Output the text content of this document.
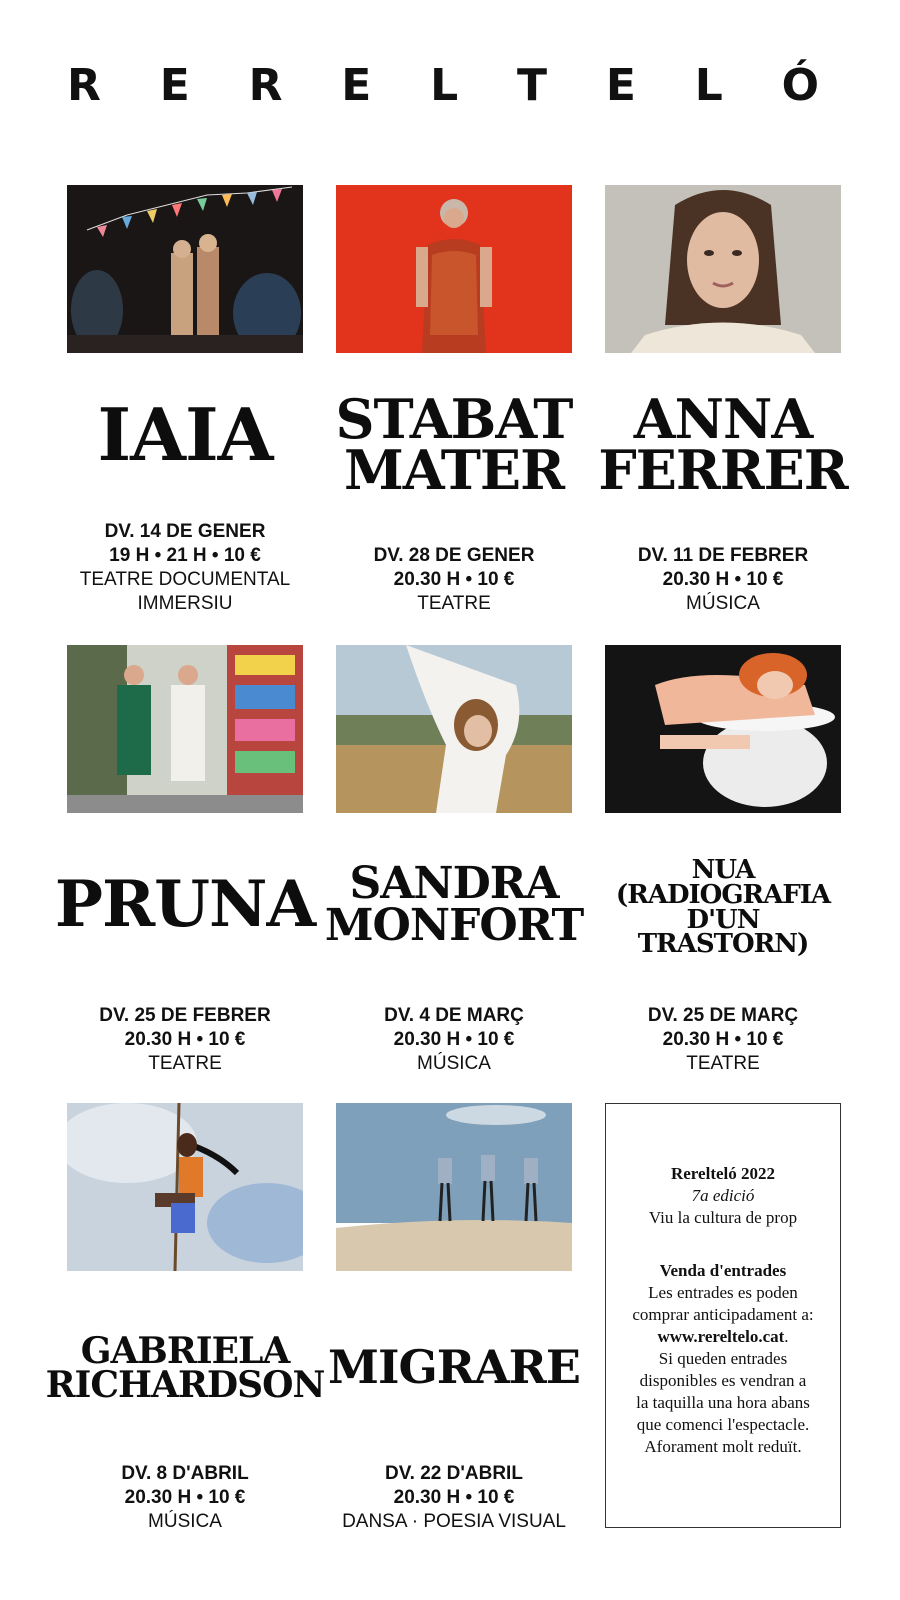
R E R E L T E L Ó
IAIA
DV. 14 DE GENER
19 H • 21 H • 10 €
TEATRE DOCUMENTAL
IMMERSIU
STABAT
MATER
DV. 28 DE GENER
20.30 H • 10 €
TEATRE
ANNA
FERRER
DV. 11 DE FEBRER
20.30 H • 10 €
MÚSICA
PRUNA
DV. 25 DE FEBRER
20.30 H • 10 €
TEATRE
SANDRA
MONFORT
DV. 4 DE MARÇ
20.30 H • 10 €
MÚSICA
NUA
(RADIOGRAFIA
D'UN TRASTORN)
DV. 25 DE MARÇ
20.30 H • 10 €
TEATRE
GABRIELA
RICHARDSON
DV. 8 D'ABRIL
20.30 H • 10 €
MÚSICA
MIGRARE
DV. 22 D'ABRIL
20.30 H • 10 €
DANSA · POESIA VISUAL
Rerelteló 2022
7a edició
Viu la cultura de prop
Venda d'entrades
Les entrades es poden
comprar anticipadament a:
www.rereltelo.cat.
Si queden entrades
disponibles es vendran a
la taquilla una hora abans
que comenci l'espectacle.
Aforament molt reduït.
